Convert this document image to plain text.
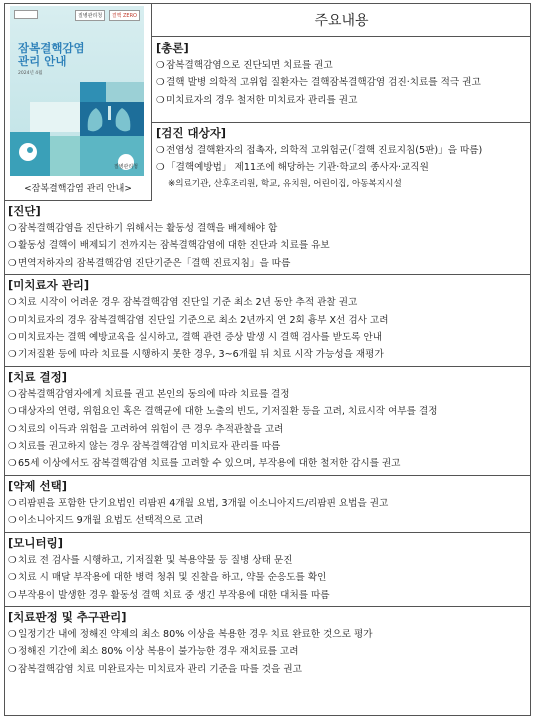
질병관리청 결핵 ZERO
잠복결핵감염
관리 안내
2024년 4월
질병관리청
<잠복결핵감염 관리 안내>
주요내용
[총론]
❍잠복결핵감염으로 진단되면 치료를 권고
❍결핵 발병 의학적 고위험 질환자는 결핵잠복결핵감염 검진·치료를 적극 권고
❍미치료자의 경우 철저한 미치료자 관리를 권고
[검진 대상자]
❍전염성 결핵환자의 접촉자, 의학적 고위험군(「결핵 진료지침(5판)」을 따름)
❍「결핵예방법」 제11조에 해당하는 기관·학교의 종사자·교직원
※의료기관, 산후조리원, 학교, 유치원, 어린이집, 아동복지시설
[진단]
❍잠복결핵감염을 진단하기 위해서는 활동성 결핵을 배제해야 함
❍활동성 결핵이 배제되기 전까지는 잠복결핵감염에 대한 진단과 치료를 유보
❍면역저하자의 잠복결핵감염 진단기준은「결핵 진료지침」을 따름
[미치료자 관리]
❍치료 시작이 어려운 경우 잠복결핵감염 진단일 기준 최소 2년 동안 추적 관찰 권고
❍미치료자의 경우 잠복결핵감염 진단일 기준으로 최소 2년까지 연 2회 흉부 X선 검사 고려
❍미치료자는 결핵 예방교육을 실시하고, 결핵 관련 증상 발생 시 결핵 검사를 받도록 안내
❍기저질환 등에 따라 치료를 시행하지 못한 경우, 3~6개월 뒤 치료 시작 가능성을 재평가
[치료 결정]
❍잠복결핵감염자에게 치료를 권고 본인의 동의에 따라 치료를 결정
❍대상자의 연령, 위험요인 혹은 결핵균에 대한 노출의 빈도, 기저질환 등을 고려, 치료시작 여부를 결정
❍치료의 이득과 위험을 고려하여 위험이 큰 경우 추적관찰을 고려
❍치료를 권고하지 않는 경우 잠복결핵감염 미치료자 관리를 따름
❍65세 이상에서도 잠복결핵감염 치료를 고려할 수 있으며, 부작용에 대한 철저한 감시를 권고
[약제 선택]
❍리팜핀을 포함한 단기요법인 리팜핀 4개월 요법, 3개월 이소니아지드/리팜핀 요법을 권고
❍이소니아지드 9개월 요법도 선택적으로 고려
[모니터링]
❍치료 전 검사를 시행하고, 기저질환 및 복용약물 등 질병 상태 문진
❍치료 시 매달 부작용에 대한 병력 청취 및 진찰을 하고, 약물 순응도를 확인
❍부작용이 발생한 경우 활동성 결핵 치료 중 생긴 부작용에 대한 대처를 따름
[치료판정 및 추구관리]
❍일정기간 내에 정해진 약제의 최소 80% 이상을 복용한 경우 치료 완료한 것으로 평가
❍정해진 기간에 최소 80% 이상 복용이 불가능한 경우 재치료를 고려
❍잠복결핵감염 치료 미완료자는 미치료자 관리 기준을 따를 것을 권고
